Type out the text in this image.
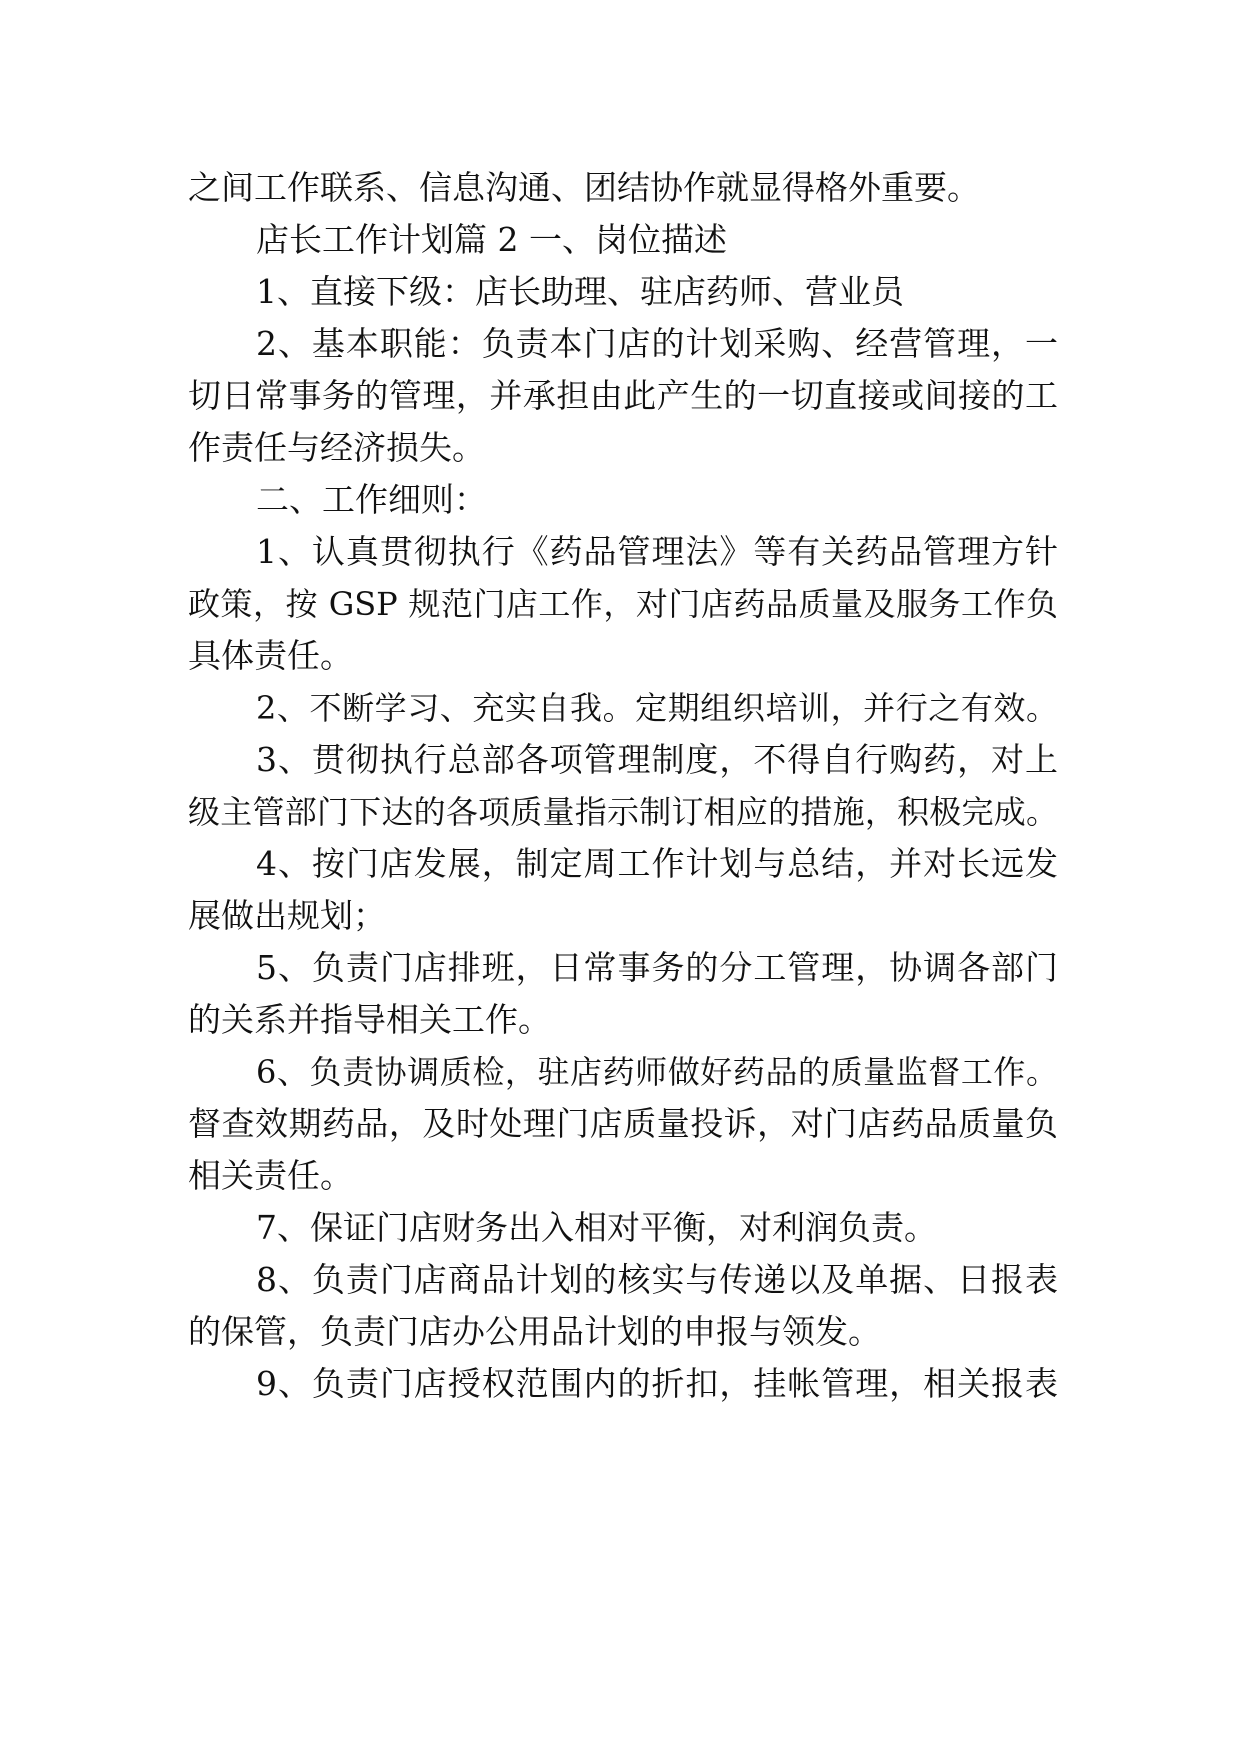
之间工作联系、信息沟通、团结协作就显得格外重要。
店长工作计划篇 2 一、岗位描述
1、直接下级：店长助理、驻店药师、营业员
2、基本职能：负责本门店的计划采购、经营管理，一
切日常事务的管理，并承担由此产生的一切直接或间接的工
作责任与经济损失。
二、工作细则：
1、认真贯彻执行《药品管理法》等有关药品管理方针
政策，按 GSP 规范门店工作，对门店药品质量及服务工作负
具体责任。
2、不断学习、充实自我。定期组织培训，并行之有效。
3、贯彻执行总部各项管理制度，不得自行购药，对上
级主管部门下达的各项质量指示制订相应的措施，积极完成。
4、按门店发展，制定周工作计划与总结，并对长远发
展做出规划；
5、负责门店排班，日常事务的分工管理，协调各部门
的关系并指导相关工作。
6、负责协调质检，驻店药师做好药品的质量监督工作。
督查效期药品，及时处理门店质量投诉，对门店药品质量负
相关责任。
7、保证门店财务出入相对平衡，对利润负责。
8、负责门店商品计划的核实与传递以及单据、日报表
的保管，负责门店办公用品计划的申报与领发。
9、负责门店授权范围内的折扣，挂帐管理，相关报表
